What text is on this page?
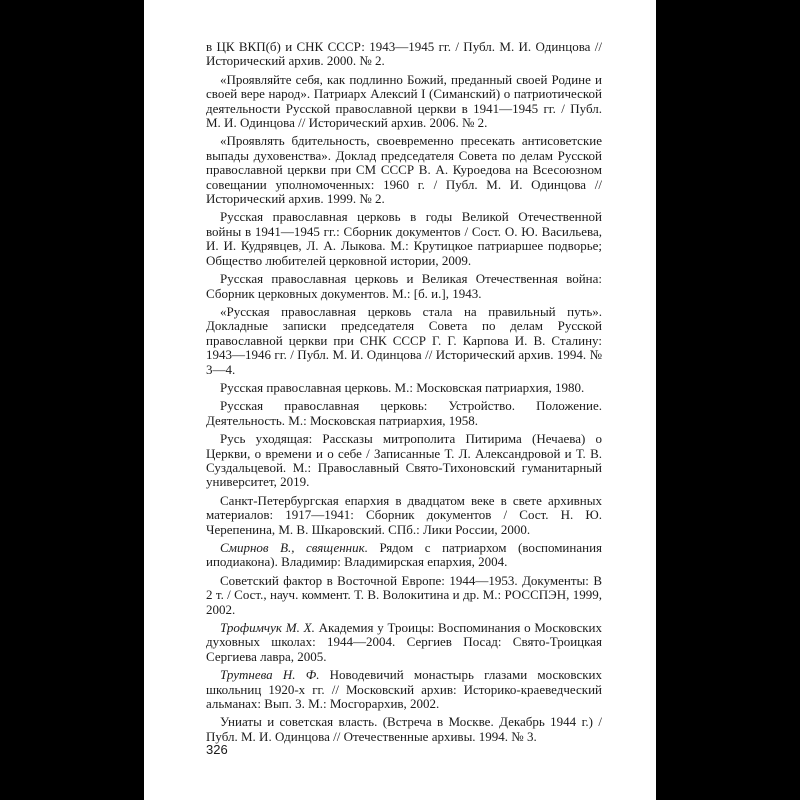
в ЦК ВКП(б) и СНК СССР: 1943—1945 гг. / Публ. М. И. Одинцова // Исторический архив. 2000. № 2.

«Проявляйте себя, как подлинно Божий, преданный своей Родине и своей вере народ». Патриарх Алексий I (Симанский) о патриотической деятельности Русской православной церкви в 1941—1945 гг. / Публ. М. И. Одинцова // Исторический архив. 2006. № 2.

«Проявлять бдительность, своевременно пресекать антисоветские выпады духовенства». Доклад председателя Совета по делам Русской православной церкви при СМ СССР В. А. Куроедова на Всесоюзном совещании уполномоченных: 1960 г. / Публ. М. И. Одинцова // Исторический архив. 1999. № 2.

Русская православная церковь в годы Великой Отечественной войны в 1941—1945 гг.: Сборник документов / Сост. О. Ю. Васильева, И. И. Кудрявцев, Л. А. Лыкова. М.: Крутицкое патриаршее подворье; Общество любителей церковной истории, 2009.

Русская православная церковь и Великая Отечественная война: Сборник церковных документов. М.: [б. и.], 1943.

«Русская православная церковь стала на правильный путь». Докладные записки председателя Совета по делам Русской православной церкви при СНК СССР Г. Г. Карпова И. В. Сталину: 1943—1946 гг. / Публ. М. И. Одинцова // Исторический архив. 1994. № 3—4.

Русская православная церковь. М.: Московская патриархия, 1980.

Русская православная церковь: Устройство. Положение. Деятельность. М.: Московская патриархия, 1958.

Русь уходящая: Рассказы митрополита Питирима (Нечаева) о Церкви, о времени и о себе / Записанные Т. Л. Александровой и Т. В. Суздальцевой. М.: Православный Свято-Тихоновский гуманитарный университет, 2019.

Санкт-Петербургская епархия в двадцатом веке в свете архивных материалов: 1917—1941: Сборник документов / Сост. Н. Ю. Черепенина, М. В. Шкаровский. СПб.: Лики России, 2000.

Смирнов В., священник. Рядом с патриархом (воспоминания иподиакона). Владимир: Владимирская епархия, 2004.

Советский фактор в Восточной Европе: 1944—1953. Документы: В 2 т. / Сост., науч. коммент. Т. В. Волокитина и др. М.: РОССПЭН, 1999, 2002.

Трофимчук М. Х. Академия у Троицы: Воспоминания о Московских духовных школах: 1944—2004. Сергиев Посад: Свято-Троицкая Сергиева лавра, 2005.

Трутнева Н. Ф. Новодевичий монастырь глазами московских школьниц 1920-х гг. // Московский архив: Историко-краеведческий альманах: Вып. 3. М.: Мосгорархив, 2002.

Униаты и советская власть. (Встреча в Москве. Декабрь 1944 г.) / Публ. М. И. Одинцова // Отечественные архивы. 1994. № 3.

326
